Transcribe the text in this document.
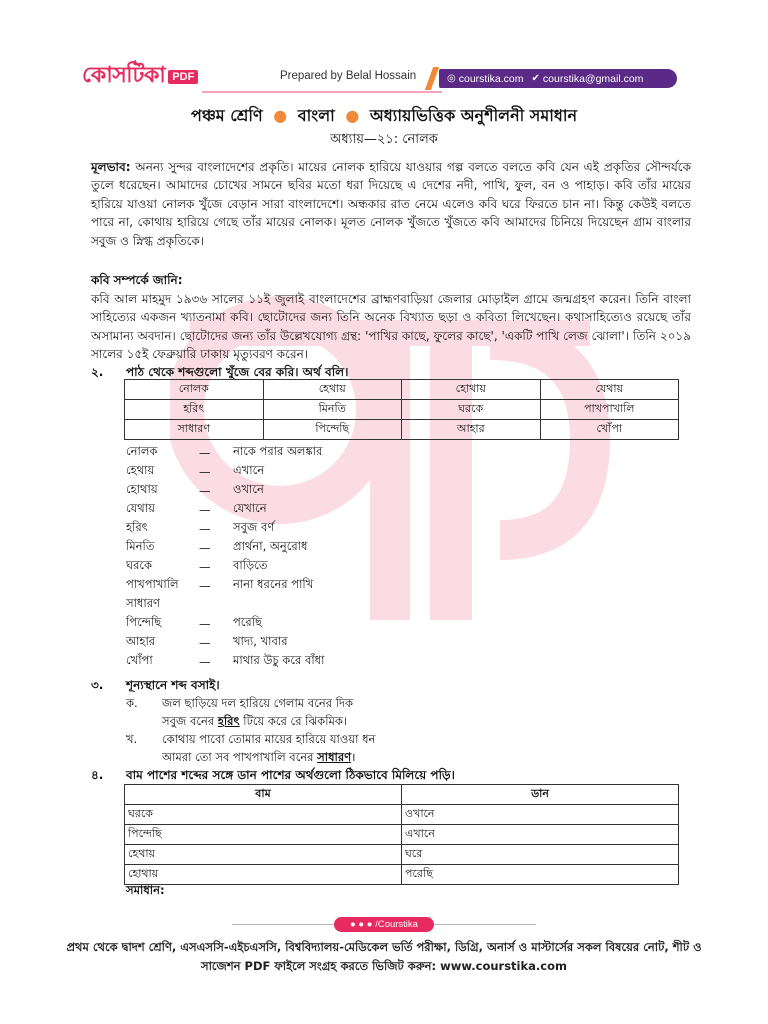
কোসটিকা PDF	Prepared by Belal Hossain	◎ courstika.com ✔ courstika@gmail.com
পঞ্চম শ্রেণি ● বাংলা ● অধ্যায়ভিত্তিক অনুশীলনী সমাধান
অধ্যায়—২১: নোলক
মূলভাব: অনন্য সুন্দর বাংলাদেশের প্রকৃতি। মায়ের নোলক হারিয়ে যাওয়ার গল্প বলতে বলতে কবি যেন এই প্রকৃতির সৌন্দর্যকে তুলে ধরেছেন। আমাদের চোখের সামনে ছবির মতো ধরা দিয়েছে এ দেশের নদী, পাখি, ফুল, বন ও পাহাড়। কবি তাঁর মায়ের হারিয়ে যাওয়া নোলক খুঁজে বেড়ান সারা বাংলাদেশে। অন্ধকার রাত নেমে এলেও কবি ঘরে ফিরতে চান না। কিন্তু কেউই বলতে পারে না, কোথায় হারিয়ে গেছে তাঁর মায়ের নোলক। মূলত নোলক খুঁজতে খুঁজতে কবি আমাদের চিনিয়ে দিয়েছেন গ্রাম বাংলার সবুজ ও স্নিগ্ধ প্রকৃতিকে।
কবি সম্পর্কে জানি:
কবি আল মাহমুদ ১৯৩৬ সালের ১১ই জুলাই বাংলাদেশের ব্রাহ্মণবাড়িয়া জেলার মোড়াইল গ্রামে জন্মগ্রহণ করেন। তিনি বাংলা সাহিত্যের একজন খ্যাতনামা কবি। ছোটোদের জন্য তিনি অনেক বিখ্যাত ছড়া ও কবিতা লিখেছেন। কথাসাহিত্যেও রয়েছে তাঁর অসামান্য অবদান। ছোটোদের জন্য তাঁর উল্লেখযোগ্য গ্রন্থ: 'পাখির কাছে, ফুলের কাছে', 'একটি পাখি লেজ ঝোলা'। তিনি ২০১৯ সালের ১৫ই ফেব্রুয়ারি ঢাকায় মৃত্যুবরণ করেন।
২. পাঠ থেকে শব্দগুলো খুঁজে বের করি। অর্থ বলি।
নোলক	হেথায়	হোথায়	যেথায়
হরিৎ	মিনতি	ঘরকে	পাখপাখালি
সাধারণ	পিন্দেছি	আহার	খোঁপা
নোলক	—	নাকে পরার অলঙ্কার
হেথায়	—	এখানে
হোথায়	—	ওখানে
যেথায়	—	যেখানে
হরিৎ	—	সবুজ বর্ণ
মিনতি	—	প্রার্থনা, অনুরোধ
ঘরকে	—	বাড়িতে
পাখপাখালি	—	নানা ধরনের পাখি
সাধারণ
পিন্দেছি	—	পরেছি
আহার	—	খাদ্য, খাবার
খোঁপা	—	মাথার উচু করে বাঁধা
৩. শূন্যস্থানে শব্দ বসাই।
ক. জল ছাড়িয়ে দল হারিয়ে গেলাম বনের দিক
সবুজ বনের হরিৎ টিয়ে করে রে ঝিকমিক।
খ. কোথায় পাবো তোমার মায়ের হারিয়ে যাওয়া ধন
আমরা তো সব পাখপাখালি বনের সাধারণ।
৪. বাম পাশের শব্দের সঙ্গে ডান পাশের অর্থগুলো ঠিকভাবে মিলিয়ে পড়ি।
বাম	ডান
ঘরকে	ওখানে
পিন্দেছি	এখানে
হেথায়	ঘরে
হোথায়	পরেছি
সমাধান:
● ● ● /Courstika
প্রথম থেকে দ্বাদশ শ্রেণি, এসএসসি-এইচএসসি, বিশ্ববিদ্যালয়-মেডিকেল ভর্তি পরীক্ষা, ডিগ্রি, অনার্স ও মাস্টার্সের সকল বিষয়ের নোট, শীট ও
সাজেশন PDF ফাইলে সংগ্রহ করতে ভিজিট করুন: www.courstika.com
